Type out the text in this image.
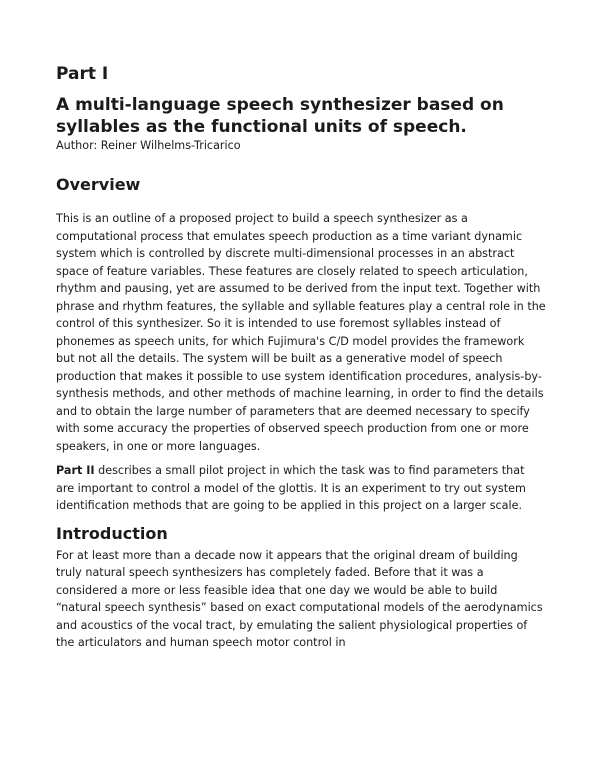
Part I
A multi-language speech synthesizer based on syllables as the functional units of speech.
Author: Reiner Wilhelms-Tricarico
Overview

This is an outline of a proposed project to build a speech synthesizer as a computational process that emulates speech production as a time variant dynamic system which is controlled by discrete multi-dimensional processes in an abstract space of feature variables. These features are closely related to speech articulation, rhythm and pausing, yet are assumed to be derived from the input text. Together with phrase and rhythm features, the syllable and syllable features play a central role in the control of this synthesizer. So it is intended to use foremost syllables instead of phonemes as speech units, for which Fujimura's C/D model provides the framework but not all the details. The system will be built as a generative model of speech production that makes it possible to use system identification procedures, analysis-by-synthesis methods, and other methods of machine learning, in order to find the details and to obtain the large number of parameters that are deemed necessary to specify with some accuracy the properties of observed speech production from one or more speakers, in one or more languages.

Part II describes a small pilot project in which the task was to find parameters that are important to control a model of the glottis. It is an experiment to try out system identification methods that are going to be applied in this project on a larger scale.

Introduction

For at least more than a decade now it appears that the original dream of building truly natural speech synthesizers has completely faded. Before that it was a considered a more or less feasible idea that one day we would be able to build “natural speech synthesis” based on exact computational models of the aerodynamics and acoustics of the vocal tract, by emulating the salient physiological properties of the articulators and human speech motor control in
